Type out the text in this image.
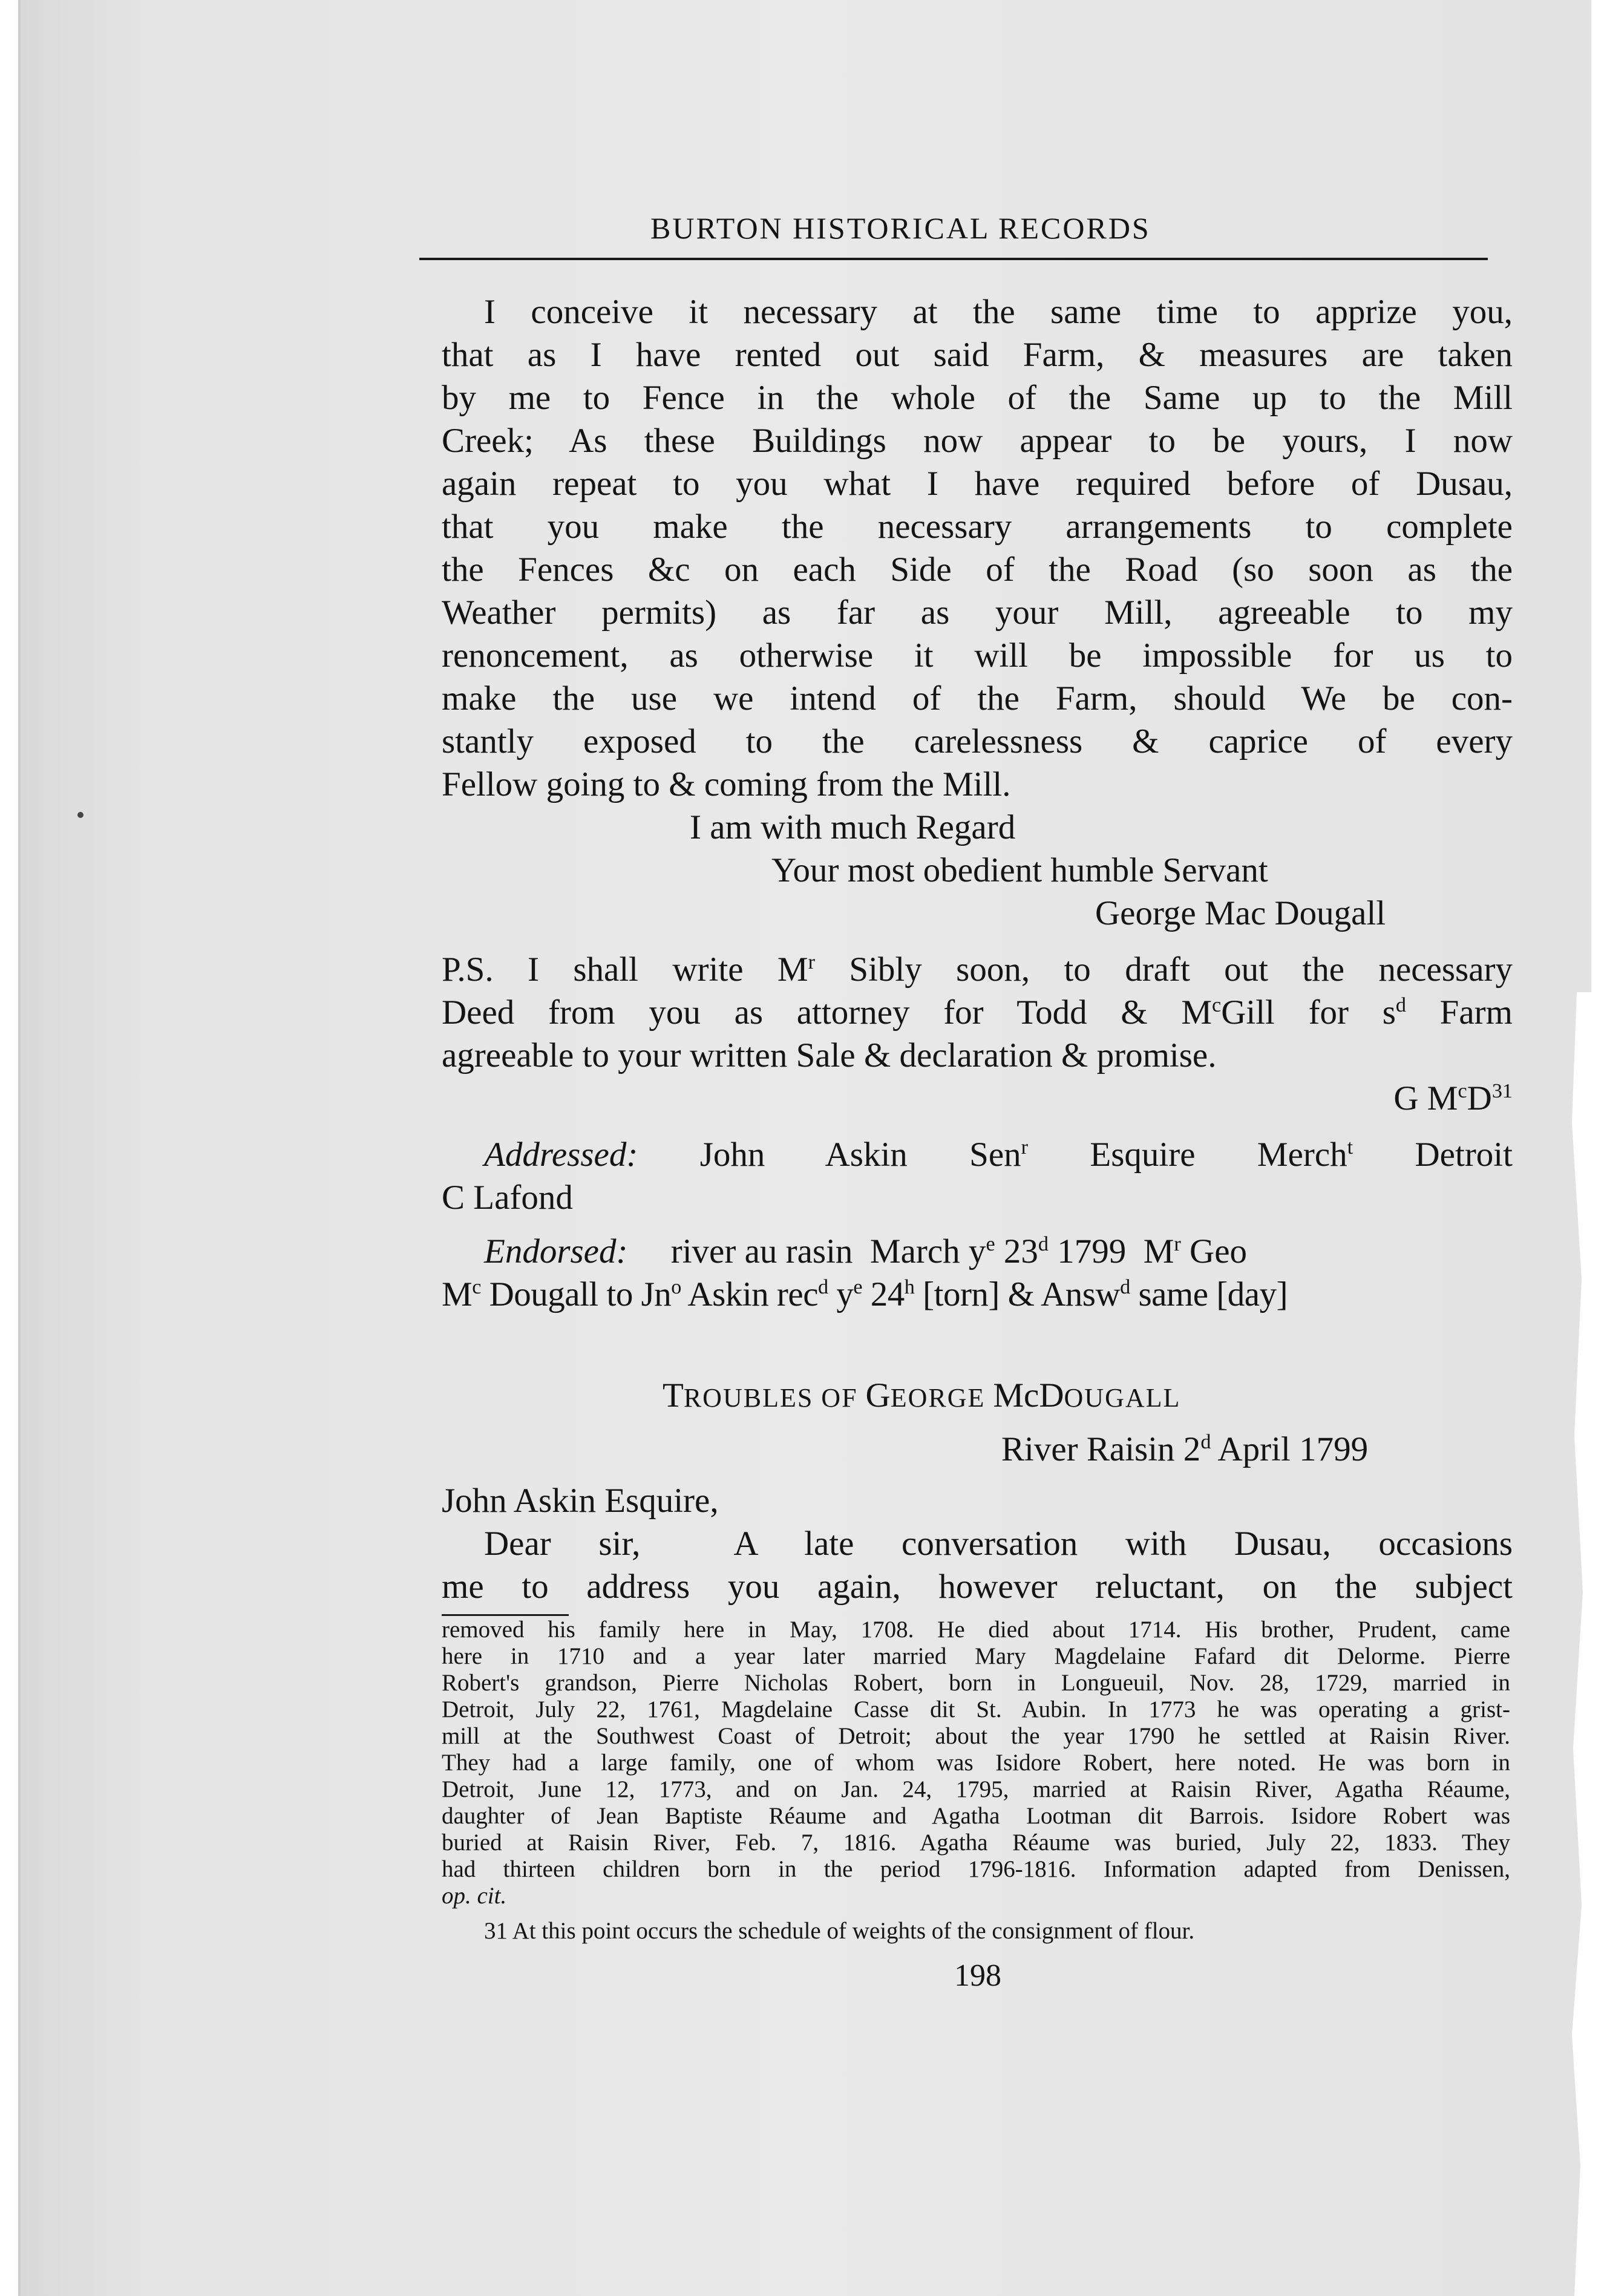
BURTON HISTORICAL RECORDS

I conceive it necessary at the same time to apprize you,

that as I have rented out said Farm, & measures are taken

by me to Fence in the whole of the Same up to the Mill

Creek; As these Buildings now appear to be yours, I now

again repeat to you what I have required before of Dusau,

that you make the necessary arrangements to complete

the Fences &c on each Side of the Road (so soon as the

Weather permits) as far as your Mill, agreeable to my

renoncement, as otherwise it will be impossible for us to

make the use we intend of the Farm, should We be con-

stantly exposed to the carelessness & caprice of every

Fellow going to & coming from the Mill.

I am with much Regard

Your most obedient humble Servant

George Mac Dougall

P.S. I shall write $M^r$ Sibly soon, to draft out the necessary

Deed from you as attorney for Todd & $M^cGill$ for $s^d$ Farm

agreeable to your written Sale & declaration & promise.

G $M^cD^{31}$

Addressed: John Askin Sen$^r$ Esquire Merch$^t$ Detroit

C Lafond

Endorsed:     river au rasin  March $y^e$ 23$^d$ 1799  $M^r$ Geo

$M^c$ Dougall to Jn$^o$ Askin rec$^d$ $y^e$ 24$^h$ [torn] & Answ$^d$ same [day]

TROUBLES OF GEORGE McDOUGALL

River Raisin 2$^d$ April 1799

John Askin Esquire,

Dear sir,  A late conversation with Dusau, occasions

me to address you again, however reluctant, on the subject

removed his family here in May, 1708. He died about 1714. His brother, Prudent, came

here in 1710 and a year later married Mary Magdelaine Fafard dit Delorme. Pierre

Robert's grandson, Pierre Nicholas Robert, born in Longueuil, Nov. 28, 1729, married in

Detroit, July 22, 1761, Magdelaine Casse dit St. Aubin. In 1773 he was operating a grist-

mill at the Southwest Coast of Detroit; about the year 1790 he settled at Raisin River.

They had a large family, one of whom was Isidore Robert, here noted. He was born in

Detroit, June 12, 1773, and on Jan. 24, 1795, married at Raisin River, Agatha Réaume,

daughter of Jean Baptiste Réaume and Agatha Lootman dit Barrois. Isidore Robert was

buried at Raisin River, Feb. 7, 1816. Agatha Réaume was buried, July 22, 1833. They

had thirteen children born in the period 1796-1816. Information adapted from Denissen,

op. cit.

31 At this point occurs the schedule of weights of the consignment of flour.

198
